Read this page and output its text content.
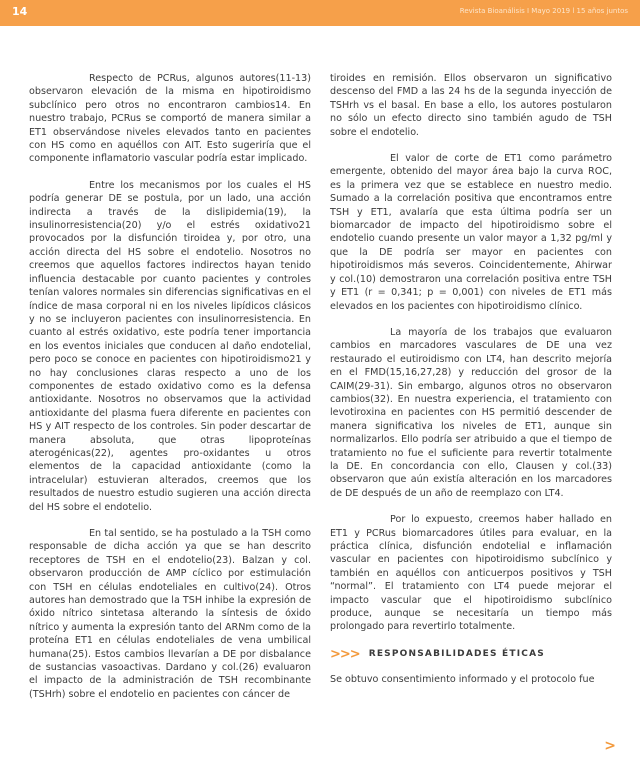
14	Revista Bioanálisis I Mayo 2019 l 15 años juntos

Respecto de PCRus, algunos autores(11-13) observaron elevación de la misma en hipotiroidismo subclínico pero otros no encontraron cambios14. En nuestro trabajo, PCRus se comportó de manera similar a ET1 observándose niveles elevados tanto en pacientes con HS como en aquéllos con AIT. Esto sugeriría que el componente inflamatorio vascular podría estar implicado.

Entre los mecanismos por los cuales el HS podría generar DE se postula, por un lado, una acción indirecta a través de la dislipidemia(19), la insulinorresistencia(20) y/o el estrés oxidativo21 provocados por la disfunción tiroidea y, por otro, una acción directa del HS sobre el endotelio. Nosotros no creemos que aquellos factores indirectos hayan tenido influencia destacable por cuanto pacientes y controles tenían valores normales sin diferencias significativas en el índice de masa corporal ni en los niveles lipídicos clásicos y no se incluyeron pacientes con insulinorresistencia. En cuanto al estrés oxidativo, este podría tener importancia en los eventos iniciales que conducen al daño endotelial, pero poco se conoce en pacientes con hipotiroidismo21 y no hay conclusiones claras respecto a uno de los componentes de estado oxidativo como es la defensa antioxidante. Nosotros no observamos que la actividad antioxidante del plasma fuera diferente en pacientes con HS y AIT respecto de los controles. Sin poder descartar de manera absoluta, que otras lipoproteínas aterogénicas(22), agentes pro-oxidantes u otros elementos de la capacidad antioxidante (como la intracelular) estuvieran alterados, creemos que los resultados de nuestro estudio sugieren una acción directa del HS sobre el endotelio.

En tal sentido, se ha postulado a la TSH como responsable de dicha acción ya que se han descrito receptores de TSH en el endotelio(23). Balzan y col. observaron producción de AMP cíclico por estimulación con TSH en células endoteliales en cultivo(24). Otros autores han demostrado que la TSH inhibe la expresión de óxido nítrico sintetasa alterando la síntesis de óxido nítrico y aumenta la expresión tanto del ARNm como de la proteína ET1 en células endoteliales de vena umbilical humana(25). Estos cambios llevarían a DE por disbalance de sustancias vasoactivas. Dardano y col.(26) evaluaron el impacto de la administración de TSH recombinante (TSHrh) sobre el endotelio en pacientes con cáncer de

tiroides en remisión. Ellos observaron un significativo descenso del FMD a las 24 hs de la segunda inyección de TSHrh vs el basal. En base a ello, los autores postularon no sólo un efecto directo sino también agudo de TSH sobre el endotelio.

El valor de corte de ET1 como parámetro emergente, obtenido del mayor área bajo la curva ROC, es la primera vez que se establece en nuestro medio. Sumado a la correlación positiva que encontramos entre TSH y ET1, avalaría que esta última podría ser un biomarcador de impacto del hipotiroidismo sobre el endotelio cuando presente un valor mayor a 1,32 pg/ml y que la DE podría ser mayor en pacientes con hipotiroidismos más severos. Coincidentemente, Ahirwar y col.(10) demostraron una correlación positiva entre TSH y ET1 (r = 0,341; p = 0,001) con niveles de ET1 más elevados en los pacientes con hipotiroidismo clínico.

La mayoría de los trabajos que evaluaron cambios en marcadores vasculares de DE una vez restaurado el eutiroidismo con LT4, han descrito mejoría en el FMD(15,16,27,28) y reducción del grosor de la CAIM(29-31). Sin embargo, algunos otros no observaron cambios(32). En nuestra experiencia, el tratamiento con levotiroxina en pacientes con HS permitió descender de manera significativa los niveles de ET1, aunque sin normalizarlos. Ello podría ser atribuido a que el tiempo de tratamiento no fue el suficiente para revertir totalmente la DE. En concordancia con ello, Clausen y col.(33) observaron que aún existía alteración en los marcadores de DE después de un año de reemplazo con LT4.

Por lo expuesto, creemos haber hallado en ET1 y PCRus biomarcadores útiles para evaluar, en la práctica clínica, disfunción endotelial e inflamación vascular en pacientes con hipotiroidismo subclínico y también en aquéllos con anticuerpos positivos y TSH “normal”. El tratamiento con LT4 puede mejorar el impacto vascular que el hipotiroidismo subclínico produce, aunque se necesitaría un tiempo más prolongado para revertirlo totalmente.

>>> RESPONSABILIDADES ÉTICAS

Se obtuvo consentimiento informado y el protocolo fue

>
